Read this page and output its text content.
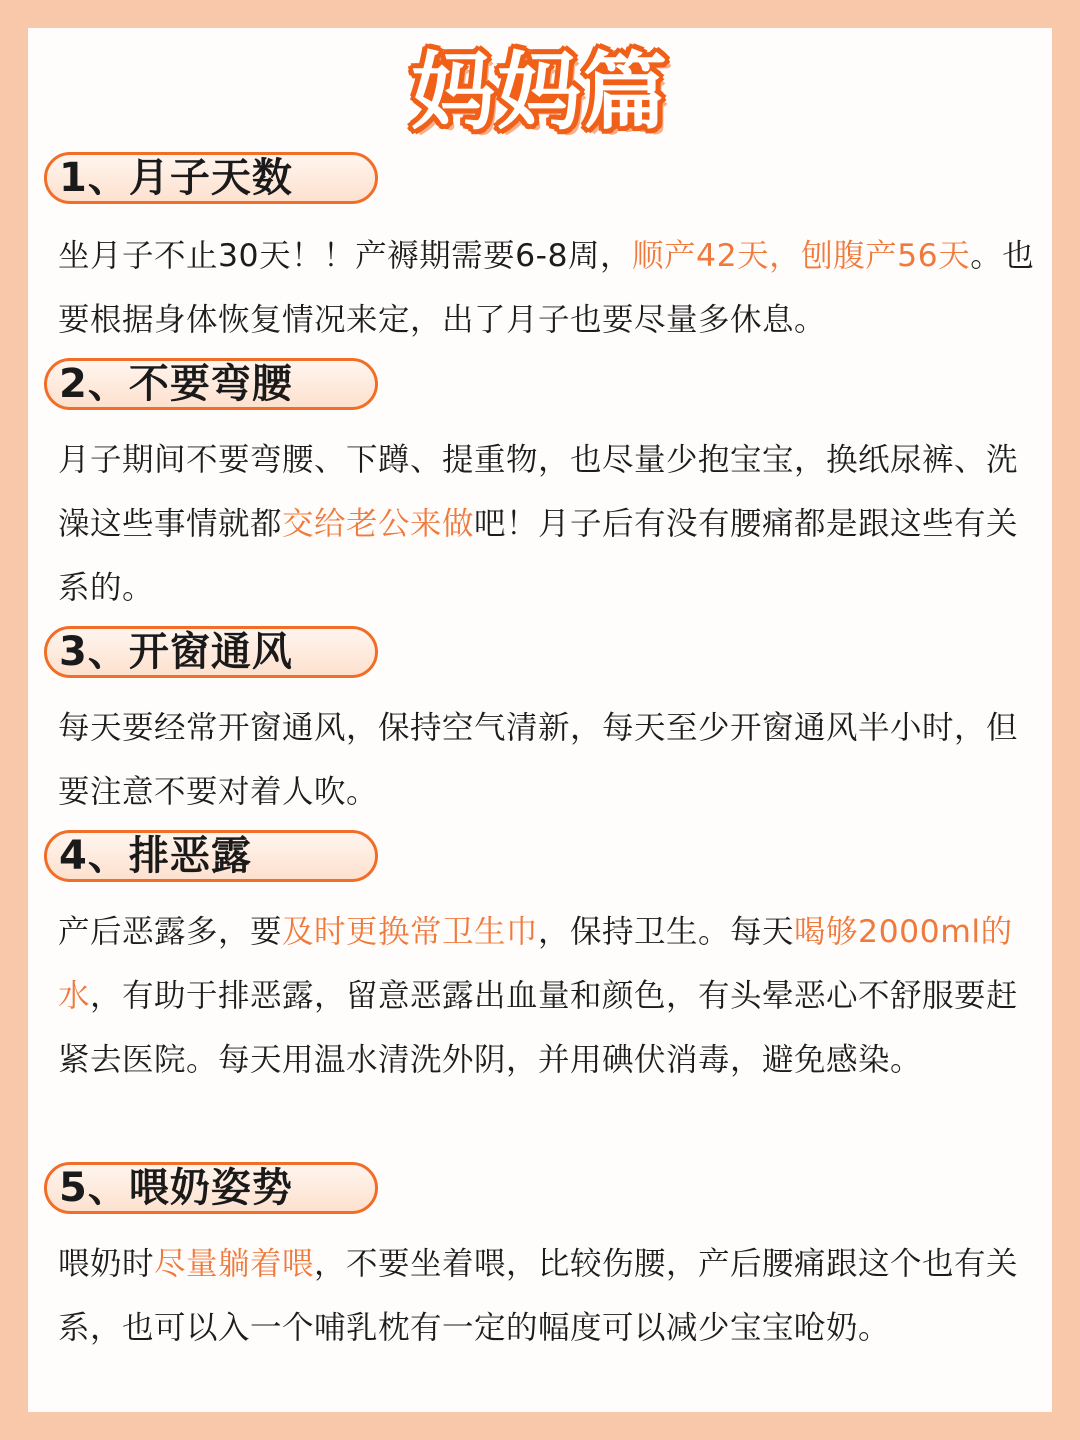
妈妈篇
1、月子天数
坐月子不止30天！！产褥期需要6-8周，顺产42天，刨腹产56天。也要根据身体恢复情况来定，出了月子也要尽量多休息。
2、不要弯腰
月子期间不要弯腰、下蹲、提重物，也尽量少抱宝宝，换纸尿裤、洗澡这些事情就都交给老公来做吧！月子后有没有腰痛都是跟这些有关系的。
3、开窗通风
每天要经常开窗通风，保持空气清新，每天至少开窗通风半小时，但要注意不要对着人吹。
4、排恶露
产后恶露多，要及时更换常卫生巾，保持卫生。每天喝够2000ml的水，有助于排恶露，留意恶露出血量和颜色，有头晕恶心不舒服要赶紧去医院。每天用温水清洗外阴，并用碘伏消毒，避免感染。
5、喂奶姿势
喂奶时尽量躺着喂，不要坐着喂，比较伤腰，产后腰痛跟这个也有关系，也可以入一个哺乳枕有一定的幅度可以减少宝宝呛奶。
